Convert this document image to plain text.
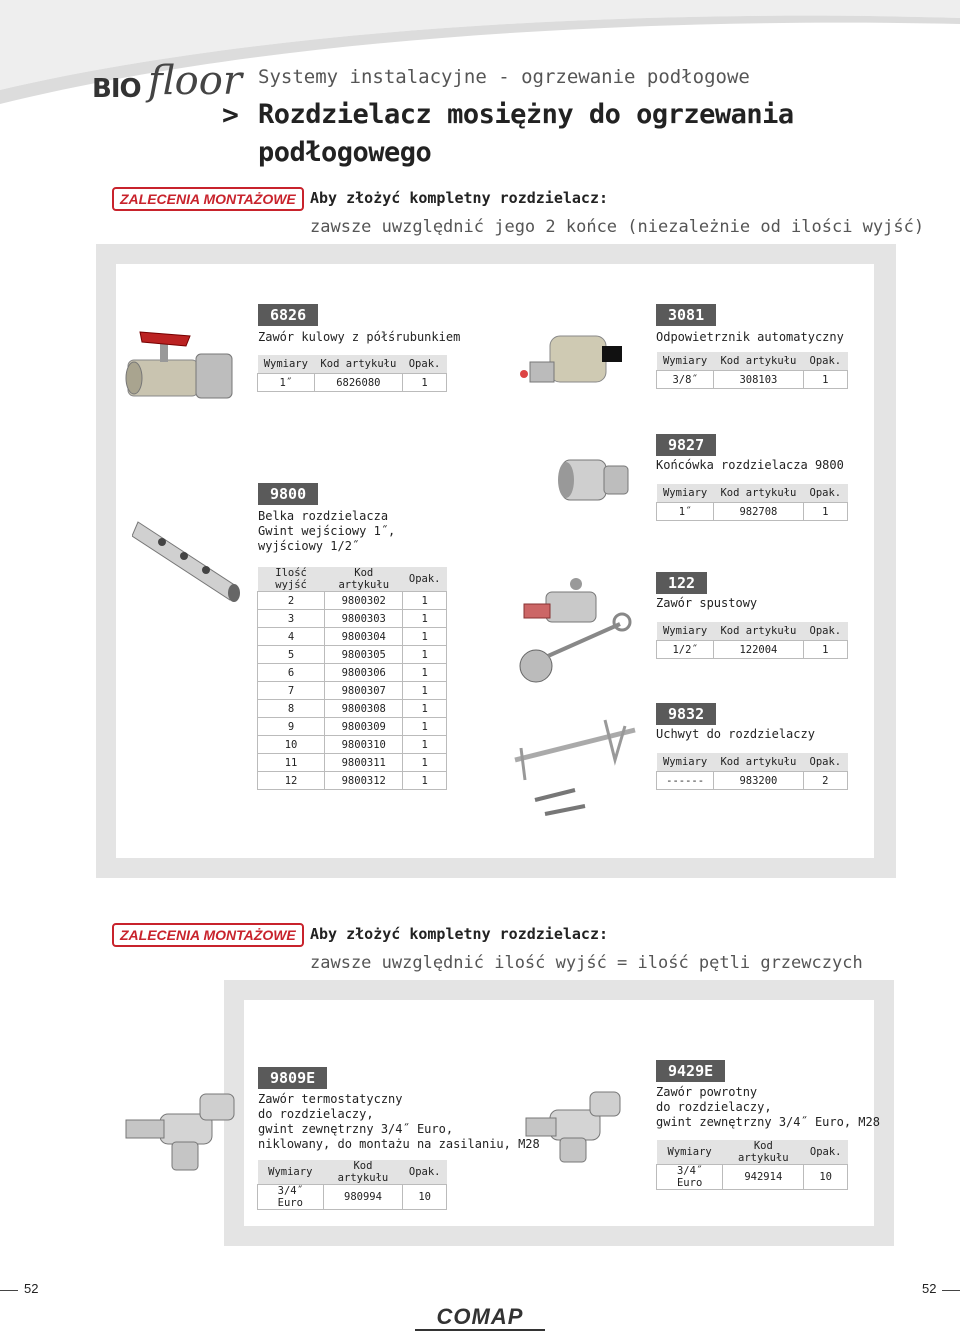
BIO floor Systemy instalacyjne - ogrzewanie podłogowe
> Rozdzielacz mosiężny do ogrzewania podłogowego
ZALECENIA MONTAŻOWE Aby złożyć kompletny rozdzielacz:
zawsze uwzględnić jego 2 końce (niezależnie od ilości wyjść)
6826
Zawór kulowy z półśrubunkiem
Wymiary	Kod artykułu	Opak.
1˝	6826080	1
3081
Odpowietrznik automatyczny
Wymiary	Kod artykułu	Opak.
3/8˝	308103	1
9827
Końcówka rozdzielacza 9800
Wymiary	Kod artykułu	Opak.
1˝	982708	1
9800
Belka rozdzielacza
Gwint wejściowy 1˝,
wyjściowy 1/2˝
Ilość wyjść	Kod artykułu	Opak.
2	9800302	1
3	9800303	1
4	9800304	1
5	9800305	1
6	9800306	1
7	9800307	1
8	9800308	1
9	9800309	1
10	9800310	1
11	9800311	1
12	9800312	1
122
Zawór spustowy
Wymiary	Kod artykułu	Opak.
1/2˝	122004	1
9832
Uchwyt do rozdzielaczy
Wymiary	Kod artykułu	Opak.
------	983200	2
ZALECENIA MONTAŻOWE Aby złożyć kompletny rozdzielacz:
zawsze uwzględnić ilość wyjść = ilość pętli grzewczych
9809E
Zawór termostatyczny
do rozdzielaczy,
gwint zewnętrzny 3/4˝ Euro,
niklowany, do montażu na zasilaniu, M28
Wymiary	Kod artykułu	Opak.
3/4˝ Euro	980994	10
9429E
Zawór powrotny
do rozdzielaczy,
gwint zewnętrzny 3/4˝ Euro, M28
Wymiary	Kod artykułu	Opak.
3/4˝ Euro	942914	10
52	52
COMAP
